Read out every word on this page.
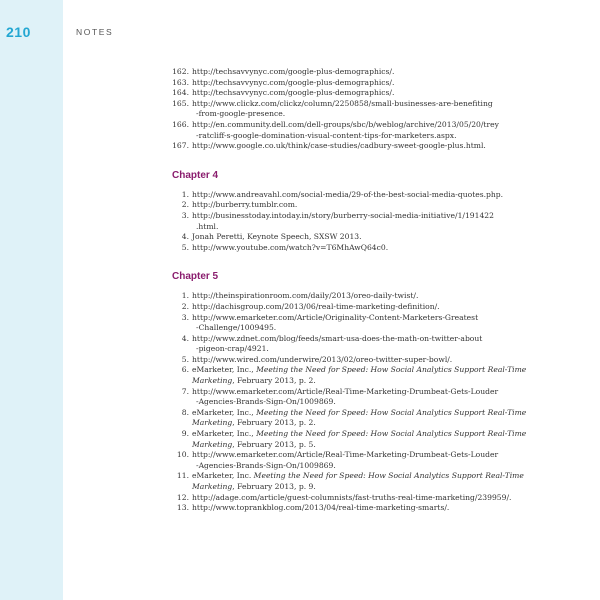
210	NOTES
162. http://techsavvynyc.com/google-plus-demographics/.
163. http://techsavvynyc.com/google-plus-demographics/.
164. http://techsavvynyc.com/google-plus-demographics/.
165. http://www.clickz.com/clickz/column/2250858/small-businesses-are-benefiting
-from-google-presence.
166. http://en.community.dell.com/dell-groups/sbc/b/weblog/archive/2013/05/20/trey
-ratcliff-s-google-domination-visual-content-tips-for-marketers.aspx.
167. http://www.google.co.uk/think/case-studies/cadbury-sweet-google-plus.html.
Chapter 4
1. http://www.andreavahl.com/social-media/29-of-the-best-social-media-quotes.php.
2. http://burberry.tumblr.com.
3. http://businesstoday.intoday.in/story/burberry-social-media-initiative/1/191422
.html.
4. Jonah Peretti, Keynote Speech, SXSW 2013.
5. http://www.youtube.com/watch?v=T6MhAwQ64c0.
Chapter 5
1. http://theinspirationroom.com/daily/2013/oreo-daily-twist/.
2. http://dachisgroup.com/2013/06/real-time-marketing-definition/.
3. http://www.emarketer.com/Article/Originality-Content-Marketers-Greatest
-Challenge/1009495.
4. http://www.zdnet.com/blog/feeds/smart-usa-does-the-math-on-twitter-about
-pigeon-crap/4921.
5. http://www.wired.com/underwire/2013/02/oreo-twitter-super-bowl/.
6. eMarketer, Inc., Meeting the Need for Speed: How Social Analytics Support Real-Time Marketing, February 2013, p. 2.
7. http://www.emarketer.com/Article/Real-Time-Marketing-Drumbeat-Gets-Louder
-Agencies-Brands-Sign-On/1009869.
8. eMarketer, Inc., Meeting the Need for Speed: How Social Analytics Support Real-Time Marketing, February 2013, p. 2.
9. eMarketer, Inc., Meeting the Need for Speed: How Social Analytics Support Real-Time Marketing, February 2013, p. 5.
10. http://www.emarketer.com/Article/Real-Time-Marketing-Drumbeat-Gets-Louder
-Agencies-Brands-Sign-On/1009869.
11. eMarketer, Inc. Meeting the Need for Speed: How Social Analytics Support Real-Time Marketing, February 2013, p. 9.
12. http://adage.com/article/guest-columnists/fast-truths-real-time-marketing/239959/.
13. http://www.toprankblog.com/2013/04/real-time-marketing-smarts/.
